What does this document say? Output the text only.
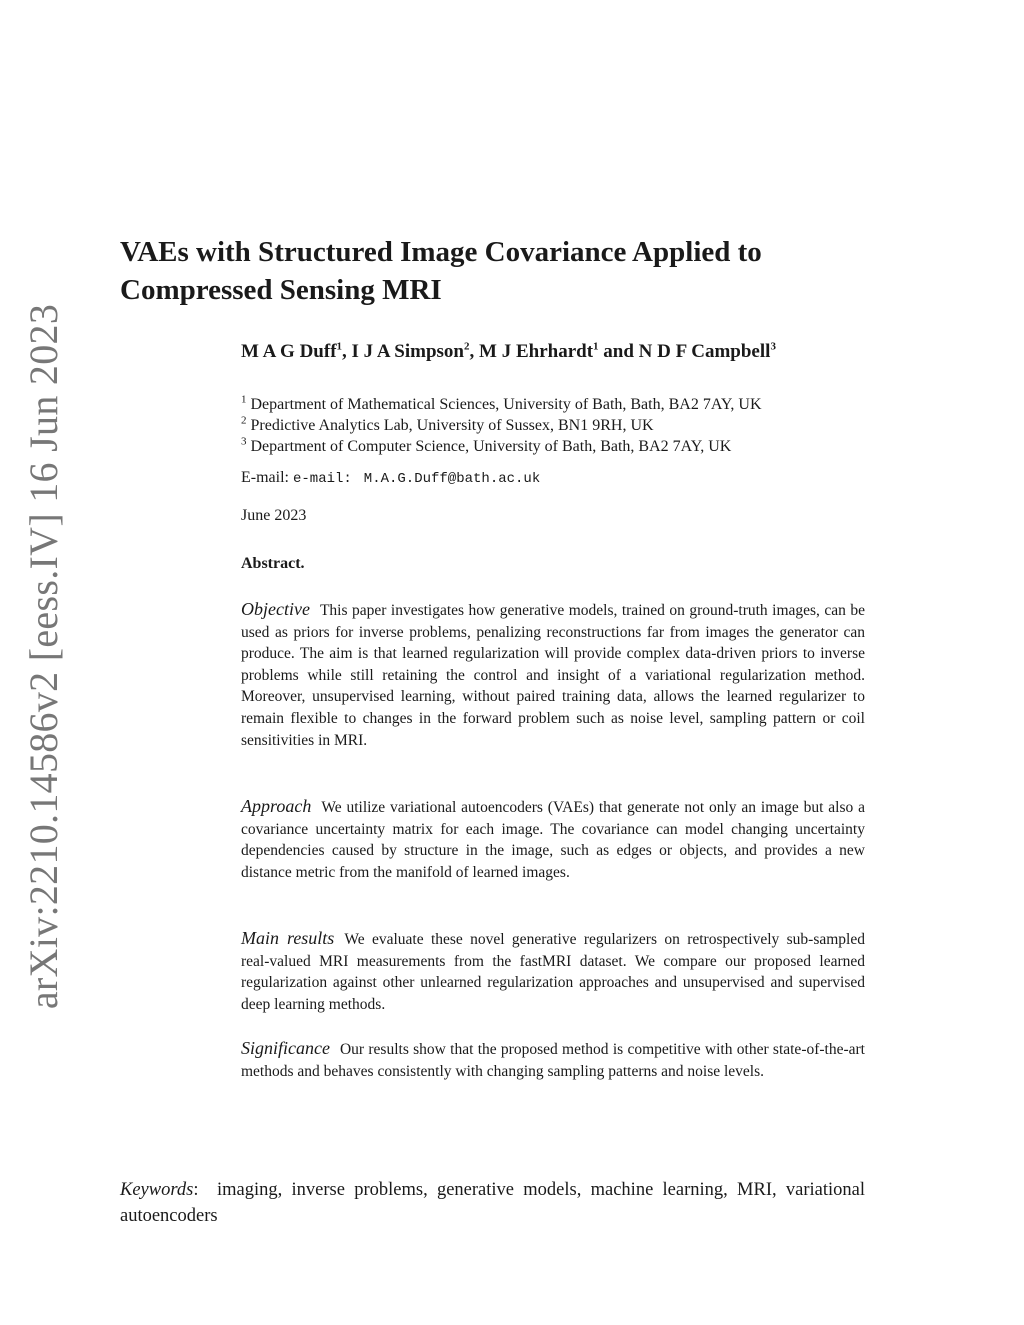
arXiv:2210.14586v2 [eess.IV] 16 Jun 2023
VAEs with Structured Image Covariance Applied to Compressed Sensing MRI
M A G Duff$^1$, I J A Simpson$^2$, M J Ehrhardt$^1$ and N D F Campbell$^3$
$^1$ Department of Mathematical Sciences, University of Bath, Bath, BA2 7AY, UK
$^2$ Predictive Analytics Lab, University of Sussex, BN1 9RH, UK
$^3$ Department of Computer Science, University of Bath, Bath, BA2 7AY, UK
E-mail: e-mail: M.A.G.Duff@bath.ac.uk
June 2023
Abstract.

Objective This paper investigates how generative models, trained on ground-truth images, can be used as priors for inverse problems, penalizing reconstructions far from images the generator can produce. The aim is that learned regularization will provide complex data-driven priors to inverse problems while still retaining the control and insight of a variational regularization method. Moreover, unsupervised learning, without paired training data, allows the learned regularizer to remain flexible to changes in the forward problem such as noise level, sampling pattern or coil sensitivities in MRI.

Approach We utilize variational autoencoders (VAEs) that generate not only an image but also a covariance uncertainty matrix for each image. The covariance can model changing uncertainty dependencies caused by structure in the image, such as edges or objects, and provides a new distance metric from the manifold of learned images.

Main results We evaluate these novel generative regularizers on retrospectively sub-sampled real-valued MRI measurements from the fastMRI dataset. We compare our proposed learned regularization against other unlearned regularization approaches and unsupervised and supervised deep learning methods.

Significance Our results show that the proposed method is competitive with other state-of-the-art methods and behaves consistently with changing sampling patterns and noise levels.

Keywords:  imaging, inverse problems, generative models, machine learning, MRI, variational autoencoders
